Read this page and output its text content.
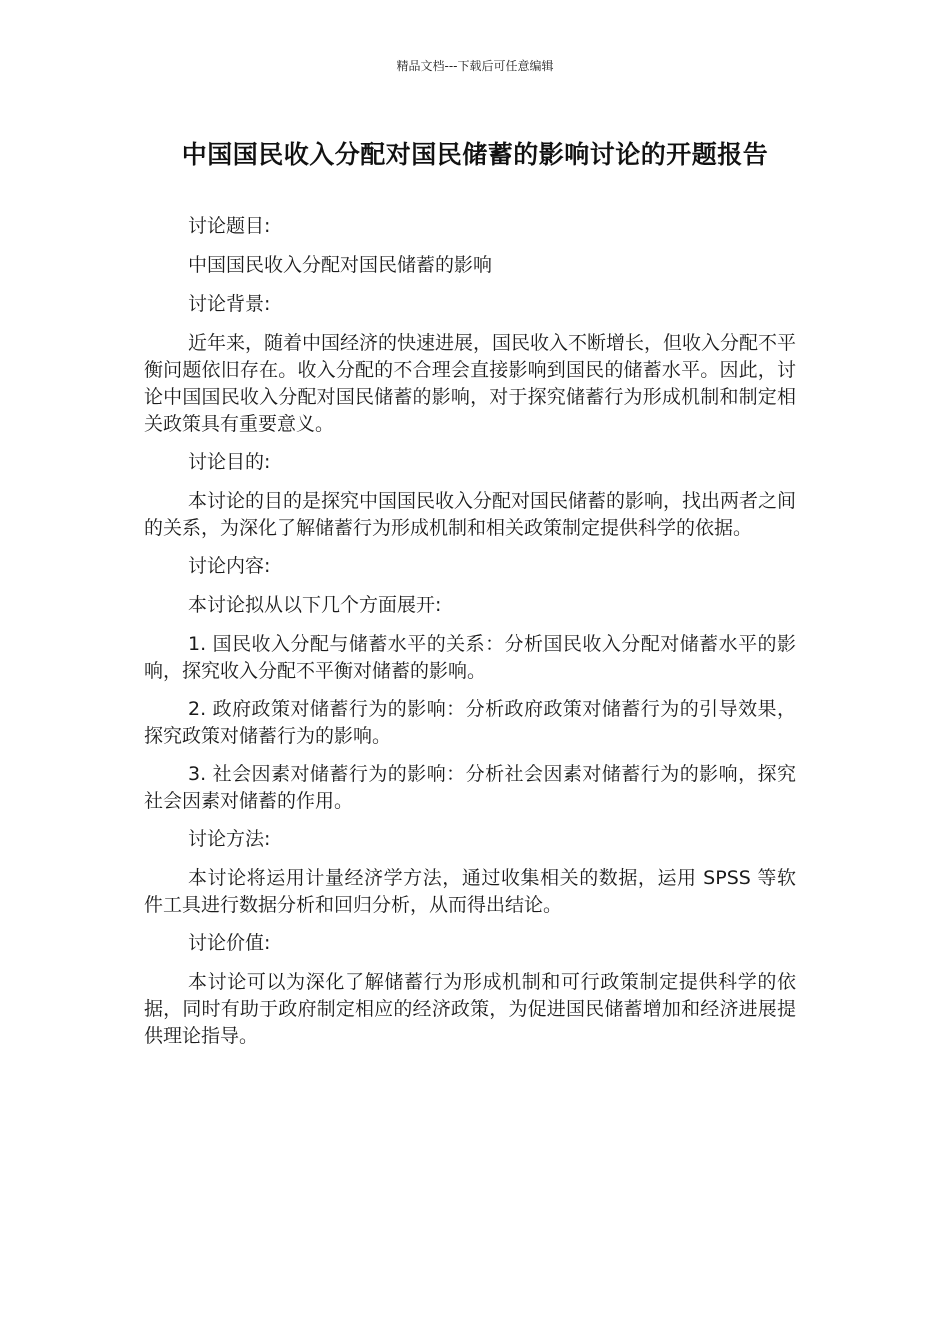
精品文档---下载后可任意编辑
中国国民收入分配对国民储蓄的影响讨论的开题报告

讨论题目:

中国国民收入分配对国民储蓄的影响

讨论背景:

近年来，随着中国经济的快速进展，国民收入不断增长，但收入分配不平衡问题依旧存在。收入分配的不合理会直接影响到国民的储蓄水平。因此，讨论中国国民收入分配对国民储蓄的影响，对于探究储蓄行为形成机制和制定相关政策具有重要意义。

讨论目的:

本讨论的目的是探究中国国民收入分配对国民储蓄的影响，找出两者之间的关系，为深化了解储蓄行为形成机制和相关政策制定提供科学的依据。

讨论内容:

本讨论拟从以下几个方面展开:

1. 国民收入分配与储蓄水平的关系：分析国民收入分配对储蓄水平的影响，探究收入分配不平衡对储蓄的影响。

2. 政府政策对储蓄行为的影响：分析政府政策对储蓄行为的引导效果，探究政策对储蓄行为的影响。

3. 社会因素对储蓄行为的影响：分析社会因素对储蓄行为的影响，探究社会因素对储蓄的作用。

讨论方法:

本讨论将运用计量经济学方法，通过收集相关的数据，运用 SPSS 等软件工具进行数据分析和回归分析，从而得出结论。

讨论价值:

本讨论可以为深化了解储蓄行为形成机制和可行政策制定提供科学的依据，同时有助于政府制定相应的经济政策，为促进国民储蓄增加和经济进展提供理论指导。
